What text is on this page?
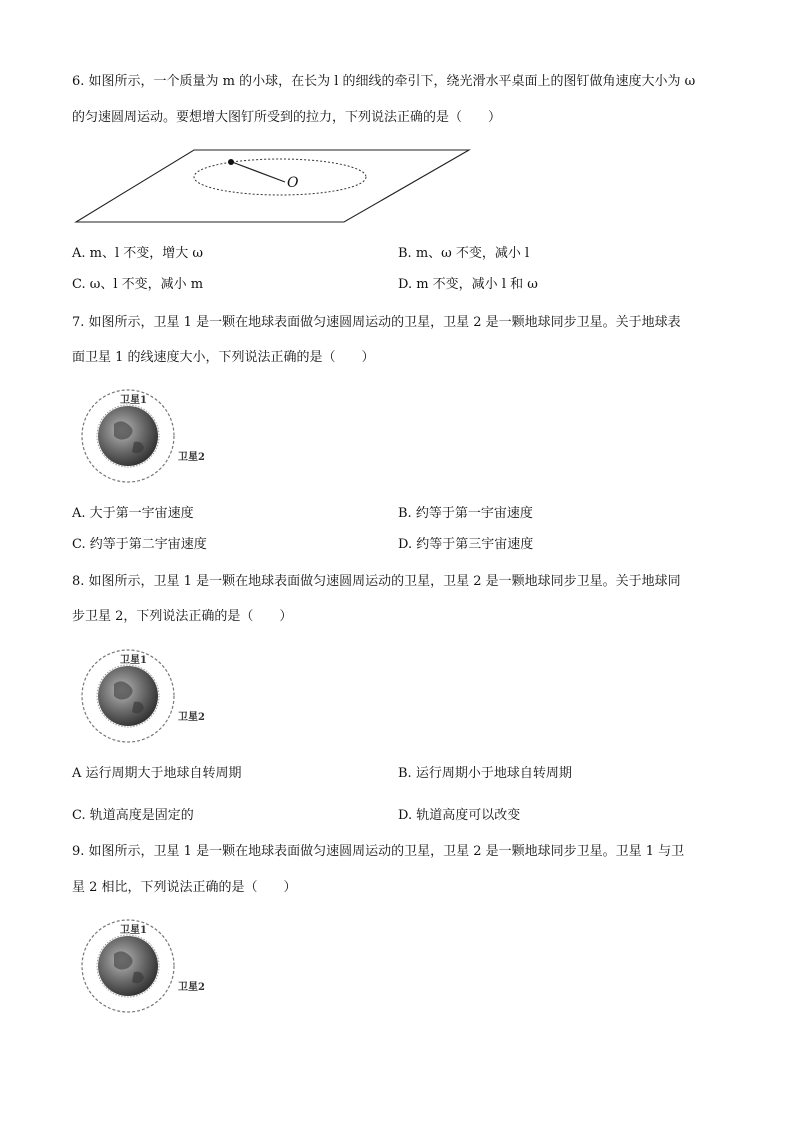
6. 如图所示，一个质量为 m 的小球，在长为 l 的细线的牵引下，绕光滑水平桌面上的图钉做角速度大小为 ω
的匀速圆周运动。要想增大图钉所受到的拉力，下列说法正确的是（　　）
O
A. m、l 不变，增大 ω	B. m、ω 不变，减小 l
C. ω、l 不变，减小 m	D. m 不变，减小 l 和 ω
7. 如图所示，卫星 1 是一颗在地球表面做匀速圆周运动的卫星，卫星 2 是一颗地球同步卫星。关于地球表
面卫星 1 的线速度大小，下列说法正确的是（　　）
卫星1
卫星2
A. 大于第一宇宙速度	B. 约等于第一宇宙速度
C. 约等于第二宇宙速度	D. 约等于第三宇宙速度
8. 如图所示，卫星 1 是一颗在地球表面做匀速圆周运动的卫星，卫星 2 是一颗地球同步卫星。关于地球同
步卫星 2，下列说法正确的是（　　）
卫星1
卫星2
A 运行周期大于地球自转周期	B. 运行周期小于地球自转周期
C. 轨道高度是固定的	D. 轨道高度可以改变
9. 如图所示，卫星 1 是一颗在地球表面做匀速圆周运动的卫星，卫星 2 是一颗地球同步卫星。卫星 1 与卫
星 2 相比，下列说法正确的是（　　）
卫星1
卫星2
